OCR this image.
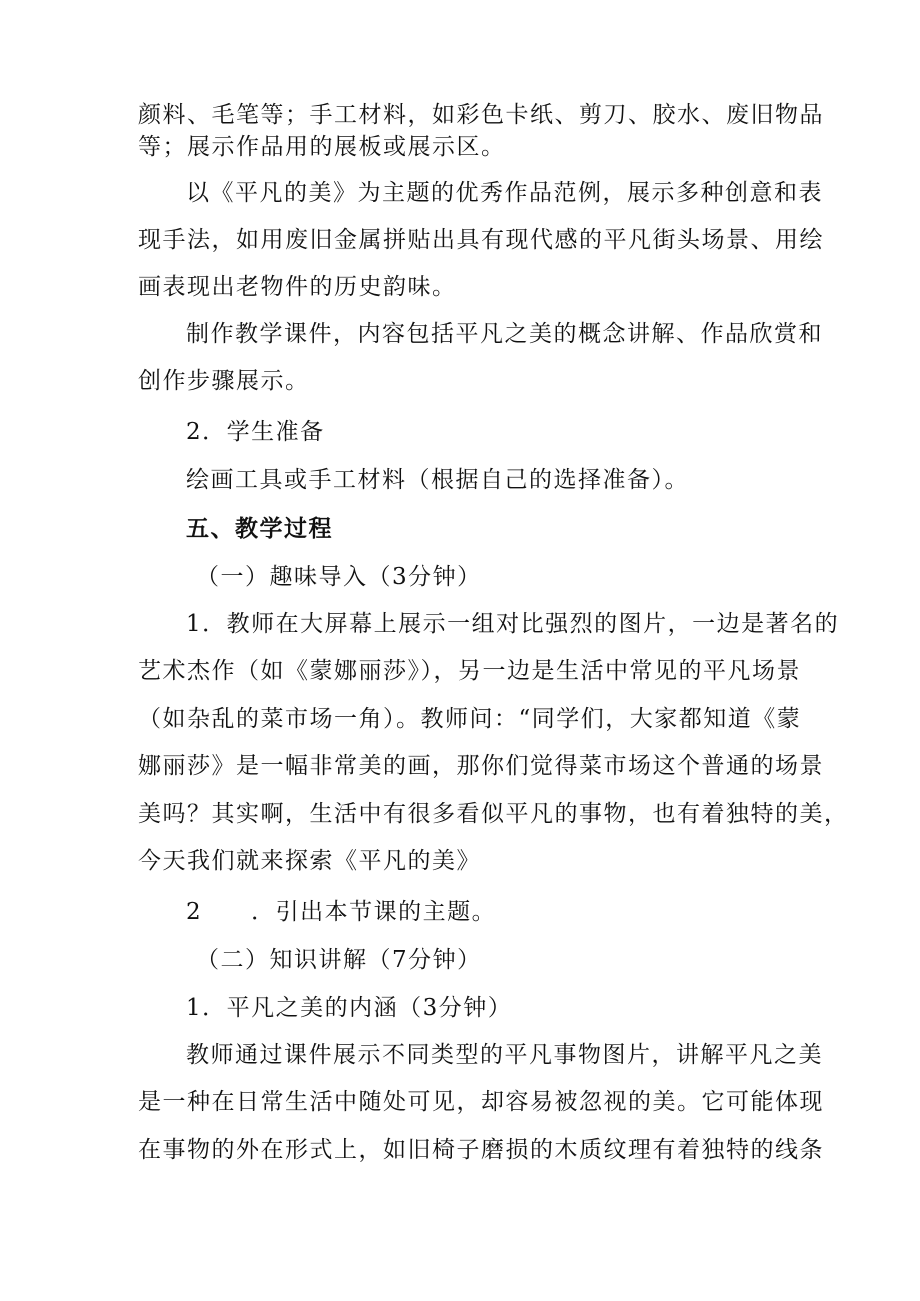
颜料、毛笔等；手工材料，如彩色卡纸、剪刀、胶水、废旧物品
等；展示作品用的展板或展示区。
以《平凡的美》为主题的优秀作品范例，展示多种创意和表
现手法，如用废旧金属拼贴出具有现代感的平凡街头场景、用绘
画表现出老物件的历史韵味。
制作教学课件，内容包括平凡之美的概念讲解、作品欣赏和
创作步骤展示。
2．学生准备
绘画工具或手工材料（根据自己的选择准备）。
五、教学过程
（一）趣味导入（3分钟）
1．教师在大屏幕上展示一组对比强烈的图片，一边是著名的
艺术杰作（如《蒙娜丽莎》），另一边是生活中常见的平凡场景
（如杂乱的菜市场一角）。教师问：“同学们，大家都知道《蒙
娜丽莎》是一幅非常美的画，那你们觉得菜市场这个普通的场景
美吗？其实啊，生活中有很多看似平凡的事物，也有着独特的美，
今天我们就来探索《平凡的美》
2　　．引出本节课的主题。
（二）知识讲解（7分钟）
1．平凡之美的内涵（3分钟）
教师通过课件展示不同类型的平凡事物图片，讲解平凡之美
是一种在日常生活中随处可见，却容易被忽视的美。它可能体现
在事物的外在形式上，如旧椅子磨损的木质纹理有着独特的线条
